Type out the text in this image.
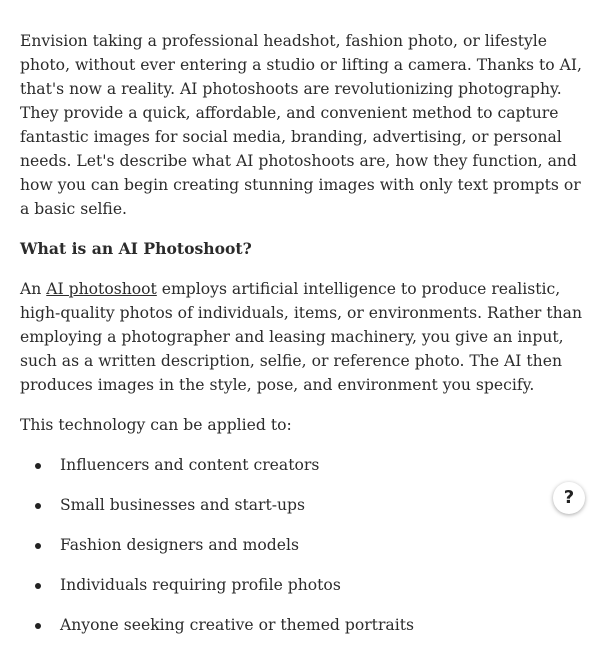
Envision taking a professional headshot, fashion photo, or lifestyle photo, without ever entering a studio or lifting a camera. Thanks to AI, that's now a reality. AI photoshoots are revolutionizing photography. They provide a quick, affordable, and convenient method to capture fantastic images for social media, branding, advertising, or personal needs. Let's describe what AI photoshoots are, how they function, and how you can begin creating stunning images with only text prompts or a basic selfie.

What is an AI Photoshoot?

An AI photoshoot employs artificial intelligence to produce realistic, high-quality photos of individuals, items, or environments. Rather than employing a photographer and leasing machinery, you give an input, such as a written description, selfie, or reference photo. The AI then produces images in the style, pose, and environment you specify.

This technology can be applied to:

Influencers and content creators
Small businesses and start-ups
Fashion designers and models
Individuals requiring profile photos
Anyone seeking creative or themed portraits
?
